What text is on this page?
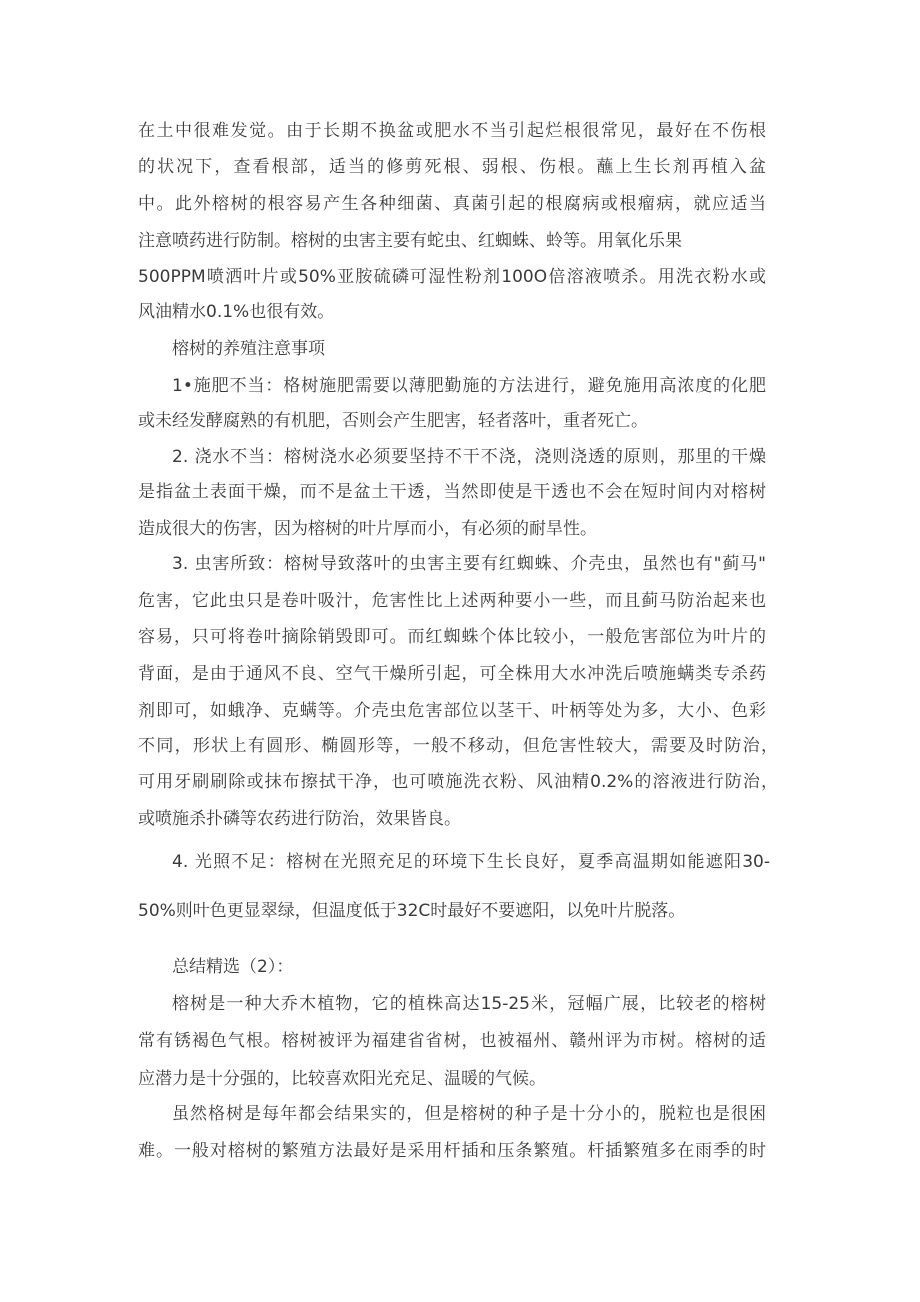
在土中很难发觉。由于长期不换盆或肥水不当引起烂根很常见，最好在不伤根

的状况下，查看根部，适当的修剪死根、弱根、伤根。蘸上生长剂再植入盆

中。此外榕树的根容易产生各种细菌、真菌引起的根腐病或根瘤病，就应适当

注意喷药进行防制。榕树的虫害主要有蛇虫、红蜘蛛、蛉等。用氧化乐果

500PPM喷洒叶片或50%亚胺硫磷可湿性粉剂100O倍溶液喷杀。用洗衣粉水或

风油精水0.1%也很有效。

榕树的养殖注意事项

1•施肥不当：格树施肥需要以薄肥勤施的方法进行，避免施用高浓度的化肥

或未经发酵腐熟的有机肥，否则会产生肥害，轻者落叶，重者死亡。

2. 浇水不当：榕树浇水必须要坚持不干不浇，浇则浇透的原则，那里的干燥

是指盆土表面干燥，而不是盆土干透，当然即使是干透也不会在短时间内对榕树

造成很大的伤害，因为榕树的叶片厚而小，有必须的耐旱性。

3. 虫害所致：榕树导致落叶的虫害主要有红蜘蛛、介壳虫，虽然也有"蓟马"

危害，它此虫只是卷叶吸汁，危害性比上述两种要小一些，而且蓟马防治起来也

容易，只可将卷叶摘除销毁即可。而红蜘蛛个体比较小，一般危害部位为叶片的

背面，是由于通风不良、空气干燥所引起，可全株用大水冲洗后喷施螨类专杀药

剂即可，如蛾净、克螨等。介壳虫危害部位以茎干、叶柄等处为多，大小、色彩

不同，形状上有圆形、椭圆形等，一般不移动，但危害性较大，需要及时防治，

可用牙刷刷除或抹布擦拭干净，也可喷施洗衣粉、风油精0.2%的溶液进行防治，

或喷施杀扑磷等农药进行防治，效果皆良。

4. 光照不足：榕树在光照充足的环境下生长良好，夏季高温期如能遮阳30-

50%则叶色更显翠绿，但温度低于32C时最好不要遮阳，以免叶片脱落。

总结精选（2）：

榕树是一种大乔木植物，它的植株高达15-25米，冠幅广展，比较老的榕树

常有锈褐色气根。榕树被评为福建省省树，也被福州、赣州评为市树。榕树的适

应潜力是十分强的，比较喜欢阳光充足、温暖的气候。

虽然格树是每年都会结果实的，但是榕树的种子是十分小的，脱粒也是很困

难。一般对榕树的繁殖方法最好是采用杆插和压条繁殖。杆插繁殖多在雨季的时
